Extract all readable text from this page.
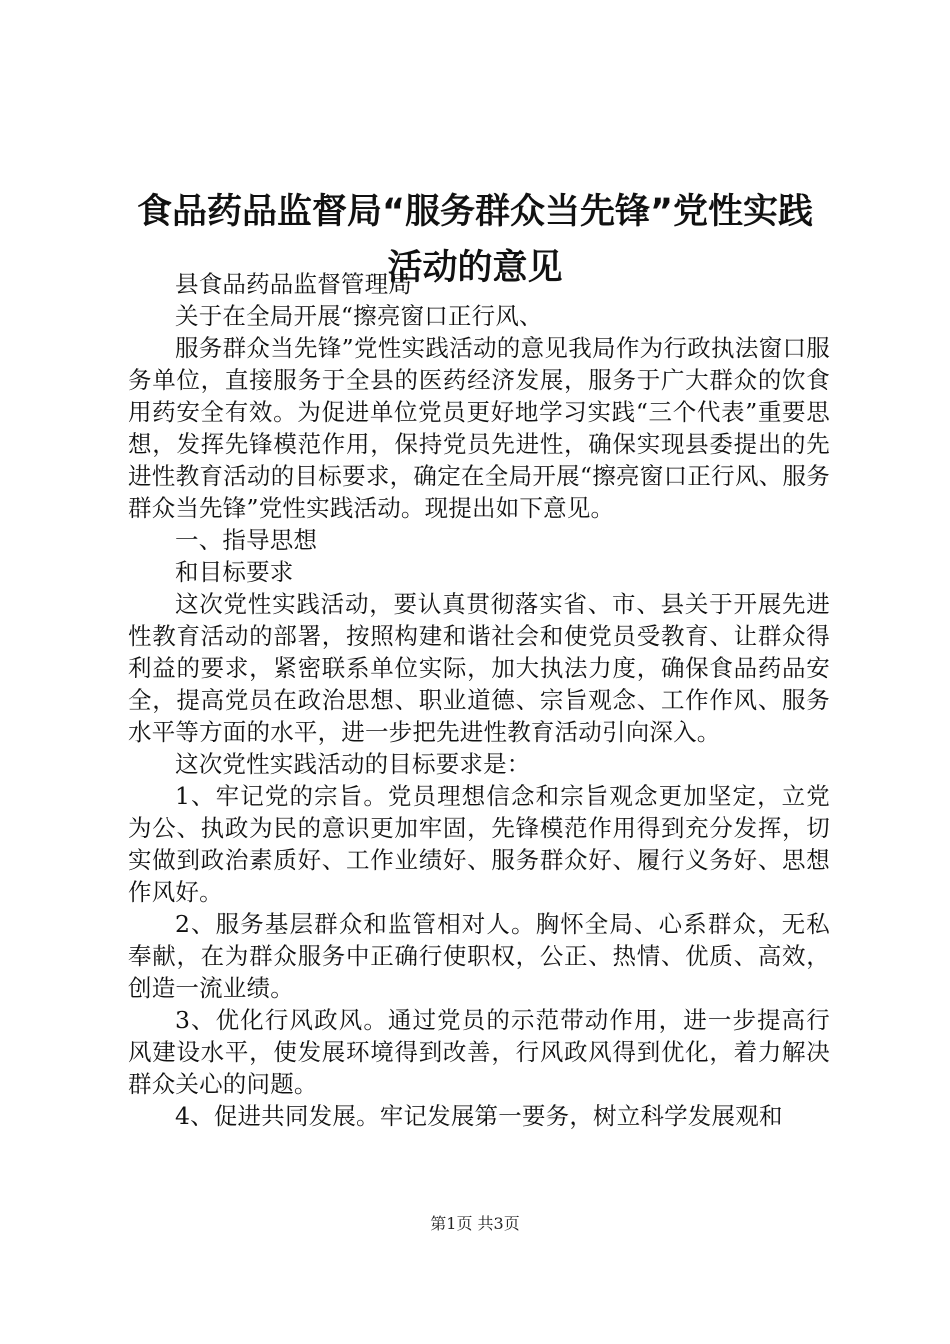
食品药品监督局“服务群众当先锋”党性实践
活动的意见

县食品药品监督管理局

关于在全局开展“擦亮窗口正行风、

服务群众当先锋”党性实践活动的意见我局作为行政执法窗口服务单位，直接服务于全县的医药经济发展，服务于广大群众的饮食用药安全有效。为促进单位党员更好地学习实践“三个代表”重要思想，发挥先锋模范作用，保持党员先进性，确保实现县委提出的先进性教育活动的目标要求，确定在全局开展“擦亮窗口正行风、服务群众当先锋”党性实践活动。现提出如下意见。

一、指导思想

和目标要求

这次党性实践活动，要认真贯彻落实省、市、县关于开展先进性教育活动的部署，按照构建和谐社会和使党员受教育、让群众得利益的要求，紧密联系单位实际，加大执法力度，确保食品药品安全，提高党员在政治思想、职业道德、宗旨观念、工作作风、服务水平等方面的水平，进一步把先进性教育活动引向深入。

这次党性实践活动的目标要求是：

1、牢记党的宗旨。党员理想信念和宗旨观念更加坚定，立党为公、执政为民的意识更加牢固，先锋模范作用得到充分发挥，切实做到政治素质好、工作业绩好、服务群众好、履行义务好、思想作风好。

2、服务基层群众和监管相对人。胸怀全局、心系群众，无私奉献，在为群众服务中正确行使职权，公正、热情、优质、高效，创造一流业绩。

3、优化行风政风。通过党员的示范带动作用，进一步提高行风建设水平，使发展环境得到改善，行风政风得到优化，着力解决群众关心的问题。

4、促进共同发展。牢记发展第一要务，树立科学发展观和

第1页 共3页
